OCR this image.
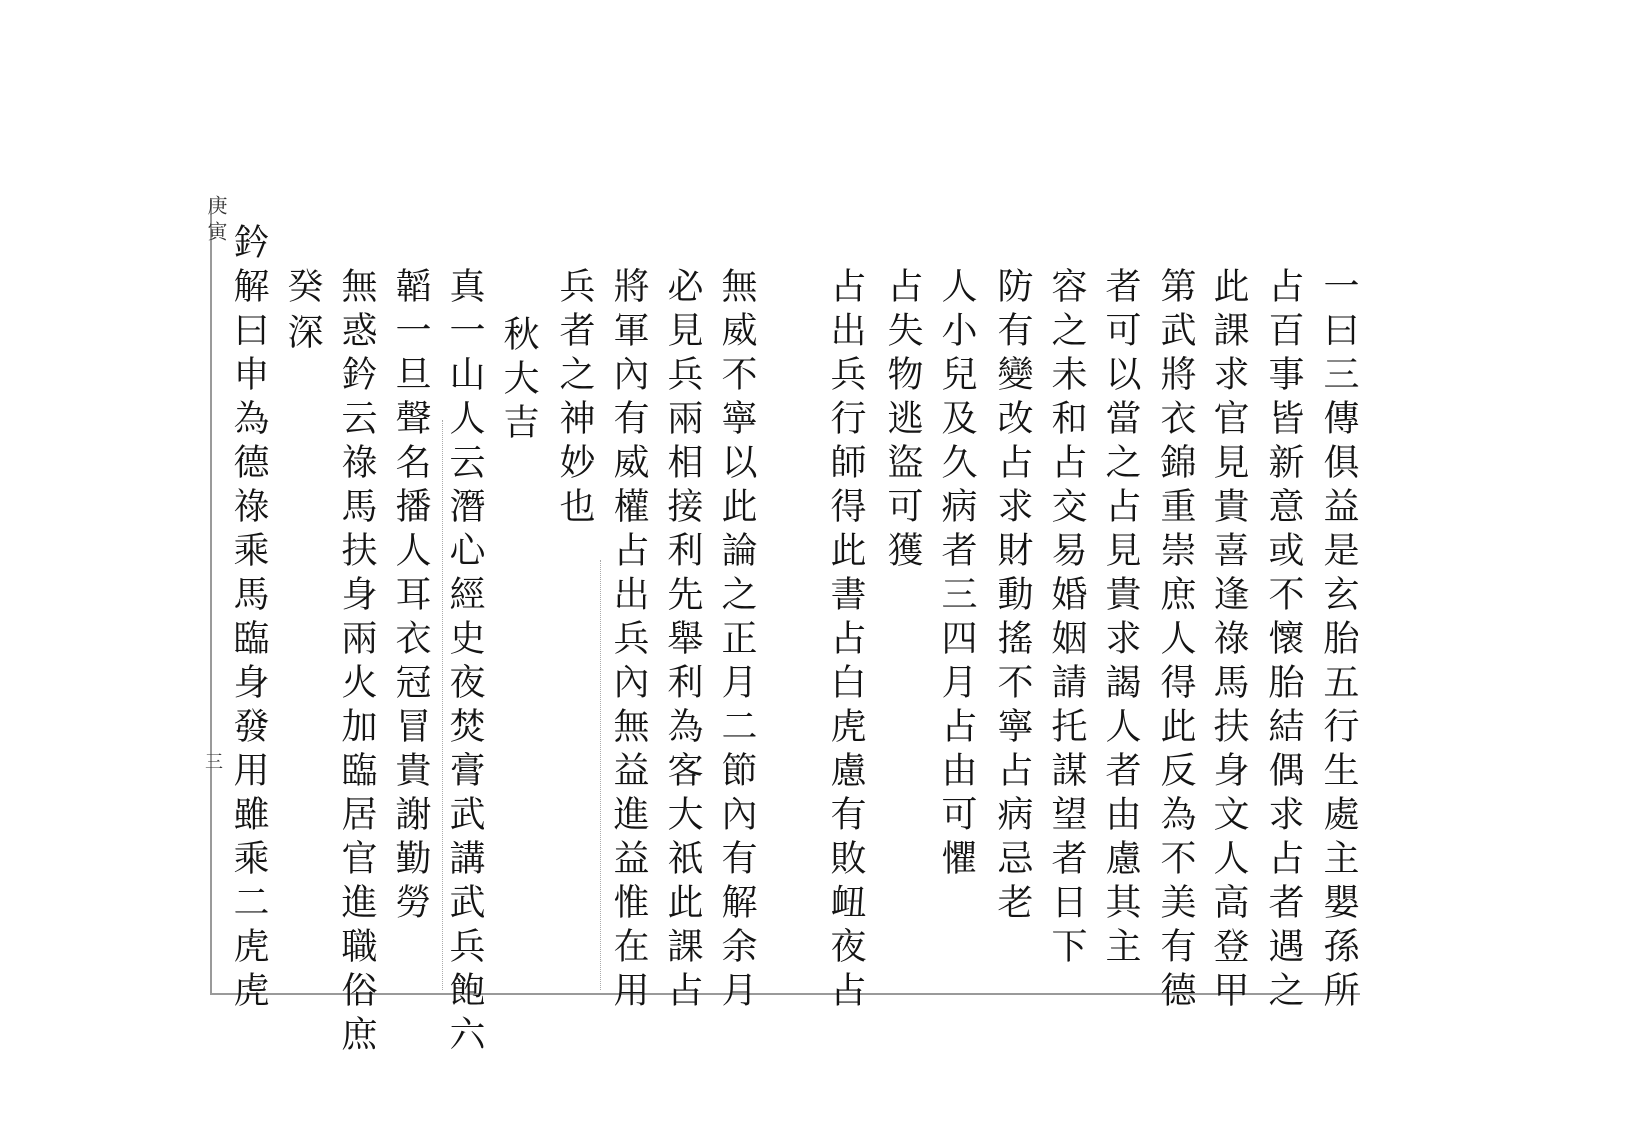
庚寅
三	一曰三傳俱益是玄胎五行生處主嬰孫所
占百事皆新意或不懷胎結偶求占者遇之
此課求官見貴喜逢祿馬扶身文人高登甲
第武將衣錦重崇庶人得此反為不美有德
者可以當之占見貴求謁人者由慮其主
容之未和占交易婚姻請托謀望者日下
防有變改占求財動搖不寧占病忌老
人小兒及久病者三四月占由可懼
占失物逃盜可獲
占出兵行師得此書占白虎慮有敗衄夜占
無威不寧以此論之正月二節內有解余月
必見兵兩相接利先舉利為客大祇此課占
將軍內有威權占出兵內無益進益惟在用
兵者之神妙也
秋大吉
真一山人云潛心經史夜焚膏武講武兵飽六
韜一旦聲名播人耳衣冠冒貴謝勤勞
無惑鈐云祿馬扶身兩火加臨居官進職俗庶
癸深
鈐解曰申為德祿乘馬臨身發用雖乘二虎虎
